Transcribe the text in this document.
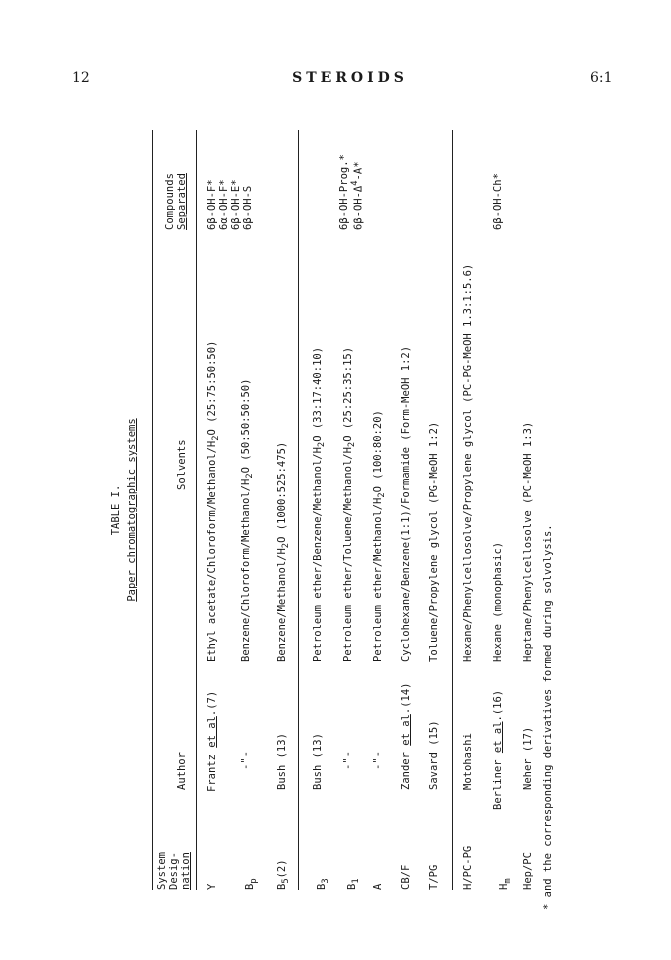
12	STEROIDS	6:1
TABLE I. Paper chromatographic systems
System Desig- nation
Author
Solvents
Compounds Separated
Y
Frantz et al.(7)
Ethyl acetate/$Chloroform/Methanol/H_2O$ (25:75:50:50)
6β-OH-F* 6α-OH-F* 6β-OH-E* 6β-OH-S
$B_p$
-"-
Benzene/$Chloroform/Methanol/H_2O$ (50:50:50:50)
$B_5(2)$
Bush (13)
Benzene/$Methanol/H_2O$ (1000:525:475)
$B_3$
Bush (13)
Petroleum ether/$Benzene/Methanol/H_2O$ (33:17:40:10)
$B_1$
-"-
Petroleum ether/$Toluene/Methanol/H_2O$ (25:25:35:15)
6β-OH-Prog.* $6\beta-OH-\Delta^4-A*$
A
-"-
Petroleum ether/$Methanol/H_2O$ (100:80:20)
CB/F
Zander et al.(14)
Cyclohexane/Benzene(1:1)/Formamide (Form-MeOH 1:2)
T/PG
Savard (15)
Toluene/Propylene glycol (PG-MeOH 1:2)
H/PC-PG
Motohashi
Hexane/Phenylcellosolve/Propylene glycol (PC-PG-MeOH 1.3:1:5.6)
$H_m$
Berliner et al.(16)
Hexane (monophasic)
6β-OH-Ch*
Hep/PC
Neher (17)
Heptane/Phenylcellosolve (PC-MeOH 1:3) * and the corresponding derivatives formed during solvolysis.
